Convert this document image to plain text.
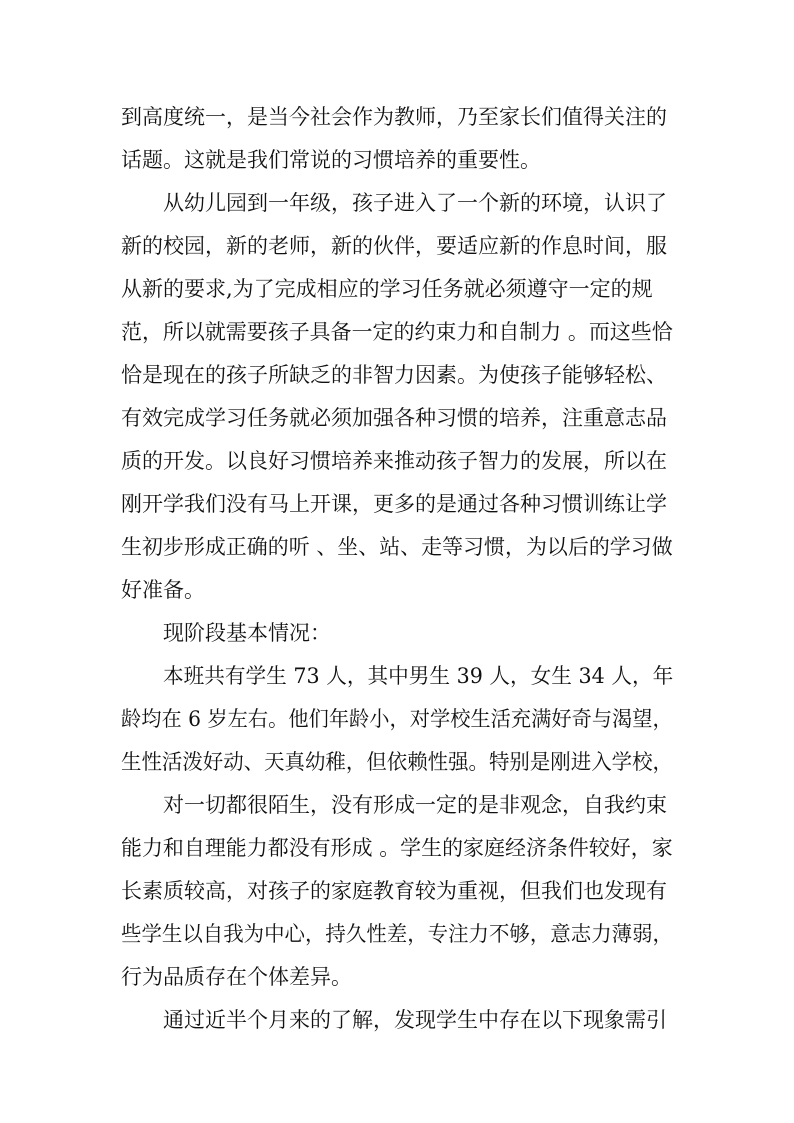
到高度统一，是当今社会作为教师，乃至家长们值得关注的
话题。这就是我们常说的习惯培养的重要性。
从幼儿园到一年级，孩子进入了一个新的环境，认识了
新的校园，新的老师，新的伙伴，要适应新的作息时间，服
从新的要求,为了完成相应的学习任务就必须遵守一定的规
范，所以就需要孩子具备一定的约束力和自制力 。而这些恰
恰是现在的孩子所缺乏的非智力因素。为使孩子能够轻松、
有效完成学习任务就必须加强各种习惯的培养，注重意志品
质的开发。以良好习惯培养来推动孩子智力的发展，所以在
刚开学我们没有马上开课，更多的是通过各种习惯训练让学
生初步形成正确的听 、坐、站、走等习惯，为以后的学习做
好准备。
现阶段基本情况：
本班共有学生 73 人，其中男生 39 人，女生 34 人，年
龄均在 6 岁左右。他们年龄小，对学校生活充满好奇与渴望，
生性活泼好动、天真幼稚，但依赖性强。特别是刚进入学校，
对一切都很陌生，没有形成一定的是非观念，自我约束
能力和自理能力都没有形成 。学生的家庭经济条件较好，家
长素质较高，对孩子的家庭教育较为重视，但我们也发现有
些学生以自我为中心，持久性差，专注力不够，意志力薄弱，
行为品质存在个体差异。
通过近半个月来的了解，发现学生中存在以下现象需引
